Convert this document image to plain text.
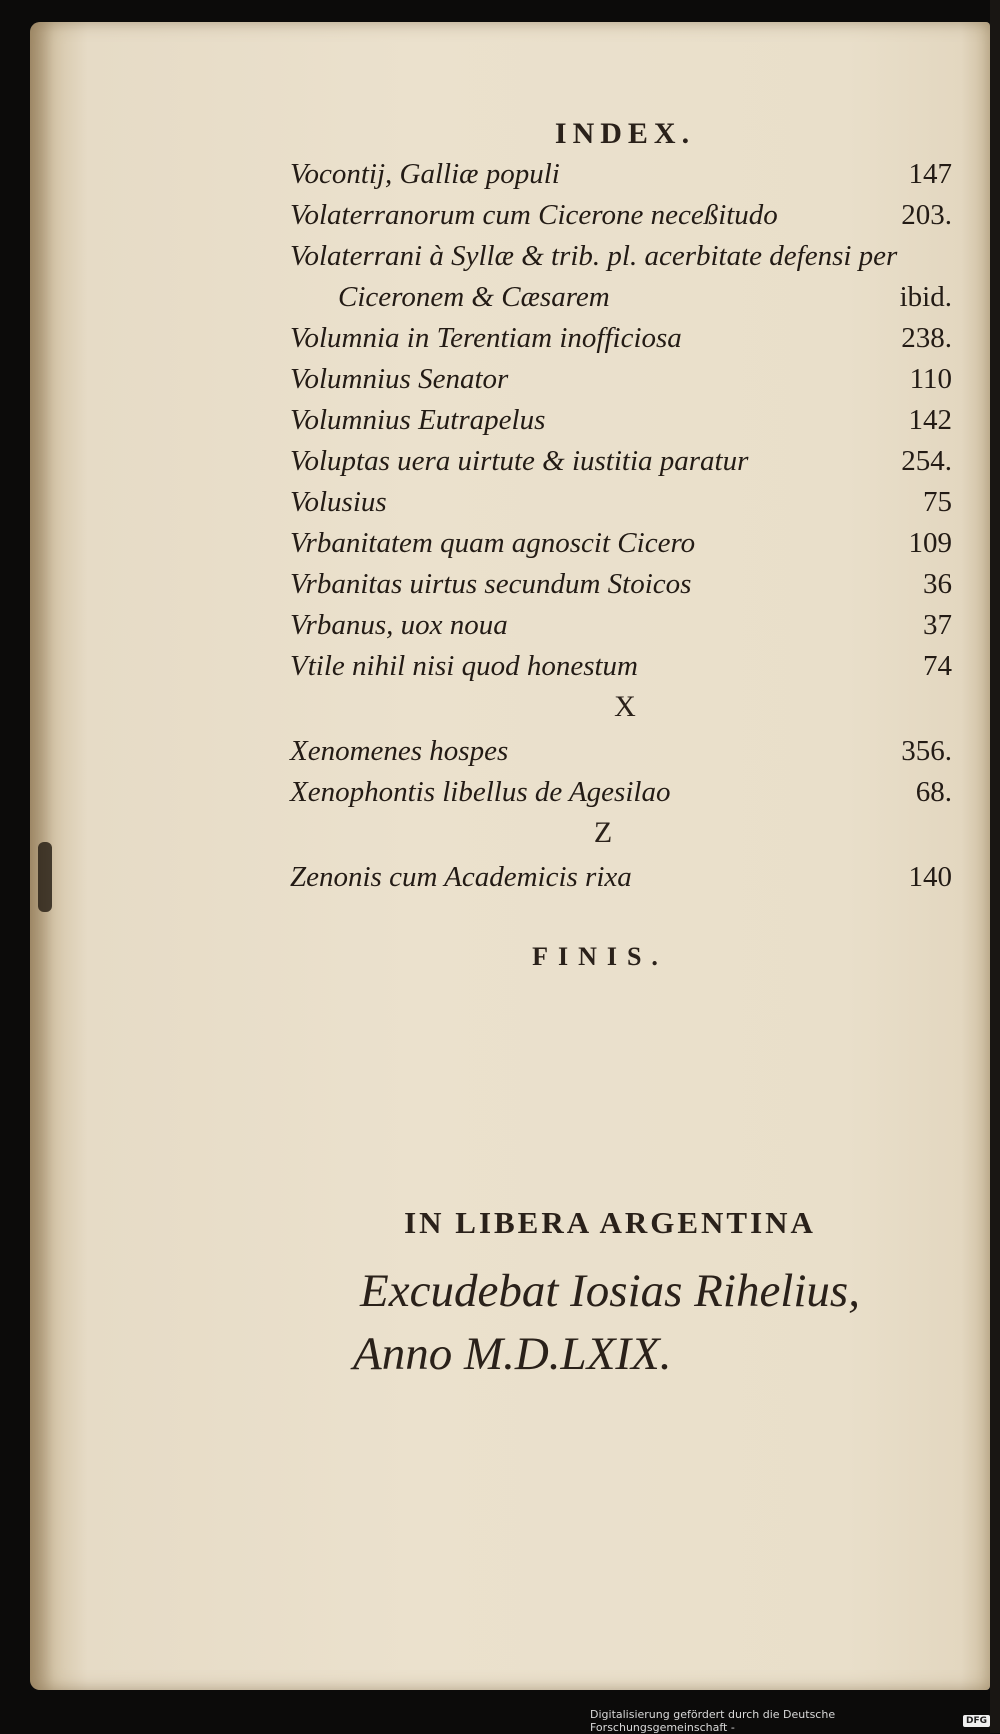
INDEX.
Vocontij, Galliæ populi	147
Volaterranorum cum Cicerone neceßitudo	203.
Volaterrani à Syllæ & trib. pl. acerbitate defensi per
Ciceronem & Cæsarem	ibid.
Volumnia in Terentiam inofficiosa	238.
Volumnius Senator	110
Volumnius Eutrapelus	142
Voluptas uera uirtute & iustitia paratur	254.
Volusius	75
Vrbanitatem quam agnoscit Cicero	109
Vrbanitas uirtus secundum Stoicos	36
Vrbanus, uox noua	37
Vtile nihil nisi quod honestum	74
X
Xenomenes hospes	356.
Xenophontis libellus de Agesilao	68.
Z
Zenonis cum Academicis rixa	140
FINIS.
IN LIBERA ARGENTINA
Excudebat Iosias Rihelius,
Anno M.D.LXIX.
Digitalisierung gefördert durch die Deutsche Forschungsgemeinschaft -	DFG
